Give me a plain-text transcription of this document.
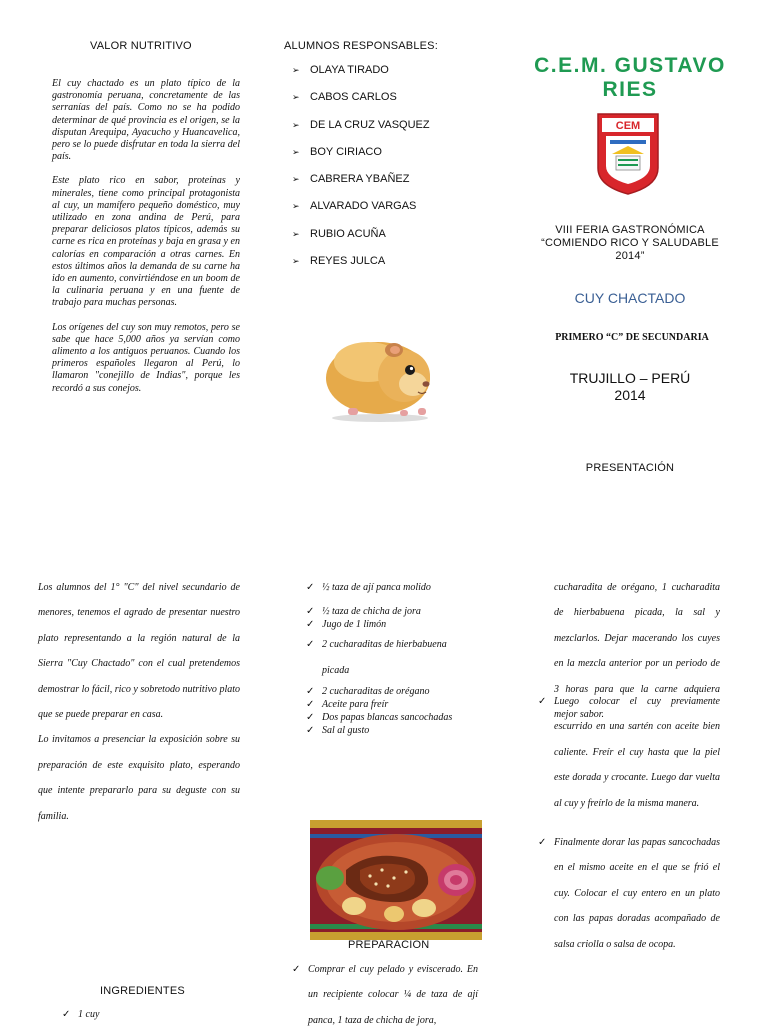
VALOR NUTRITIVO

El cuy chactado es un plato típico de la gastronomía peruana, concretamente de las serranías del país. Como no se ha podido determinar de qué provincia es el origen, se la disputan Arequipa, Ayacucho y Huancavelica, pero se lo puede disfrutar en toda la sierra del país.

Este plato rico en sabor, proteínas y minerales, tiene como principal protagonista al cuy, un mamífero pequeño doméstico, muy utilizado en zona andina de Perú, para preparar deliciosos platos típicos, además su carne es rica en proteínas y baja en grasa y en calorías en comparación a otras carnes. En estos últimos años la demanda de su carne ha ido en aumento, convirtiéndose en un boom de la culinaria peruana y en una fuente de trabajo para muchas personas.

Los orígenes del cuy son muy remotos, pero se sabe que hace 5,000 años ya servían como alimento a los antiguos peruanos. Cuando los primeros españoles llegaron al Perú, lo llamaron "conejillo de Indias", porque les recordó a sus conejos.

ALUMNOS RESPONSABLES:
➢ OLAYA TIRADO
➢ CABOS CARLOS
➢ DE LA CRUZ VASQUEZ
➢ BOY CIRIACO
➢ CABRERA YBAÑEZ
➢ ALVARADO VARGAS
➢ RUBIO ACUÑA
➢ REYES JULCA
C.E.M. GUSTAVO RIES
CEM
VIII FERIA GASTRONÓMICA
“COMIENDO RICO Y SALUDABLE
2014”
CUY CHACTADO
PRIMERO “C” DE SECUNDARIA
TRUJILLO – PERÚ
2014
PRESENTACIÓN

Los alumnos del 1° "C" del nivel secundario de menores, tenemos el agrado de presentar nuestro plato representando a la región natural de la Sierra "Cuy Chactado" con el cual pretendemos demostrar lo fácil, rico y sobretodo nutritivo plato que se puede preparar en casa.

Lo invitamos a presenciar la exposición sobre su preparación de este exquisito plato, esperando que intente prepararlo para su deguste con su familia.

INGREDIENTES
✓ 1 cuy
✓ ½ taza de ají panca molido
✓ ½ taza de chicha de jora
✓ Jugo de 1 limón
✓ 2 cucharaditas de hierbabuena picada
✓ 2 cucharaditas de orégano
✓ Aceite para freír
✓ Dos papas blancas sancochadas
✓ Sal al gusto
PREPARACION
✓ Comprar el cuy pelado y eviscerado. En un recipiente colocar ¼ de taza de ají panca, 1 taza de chicha de jora,
cucharadita de orégano, 1 cucharadita de hierbabuena picada, la sal y mezclarlos. Dejar macerando los cuyes en la mezcla anterior por un periodo de 3 horas para que la carne adquiera mejor sabor.
✓ Luego colocar el cuy previamente escurrido en una sartén con aceite bien caliente. Freír el cuy hasta que la piel este dorada y crocante. Luego dar vuelta al cuy y freírlo de la misma manera.
✓ Finalmente dorar las papas sancochadas en el mismo aceite en el que se frió el cuy. Colocar el cuy entero en un plato con las papas doradas acompañado de salsa criolla o salsa de ocopa.
